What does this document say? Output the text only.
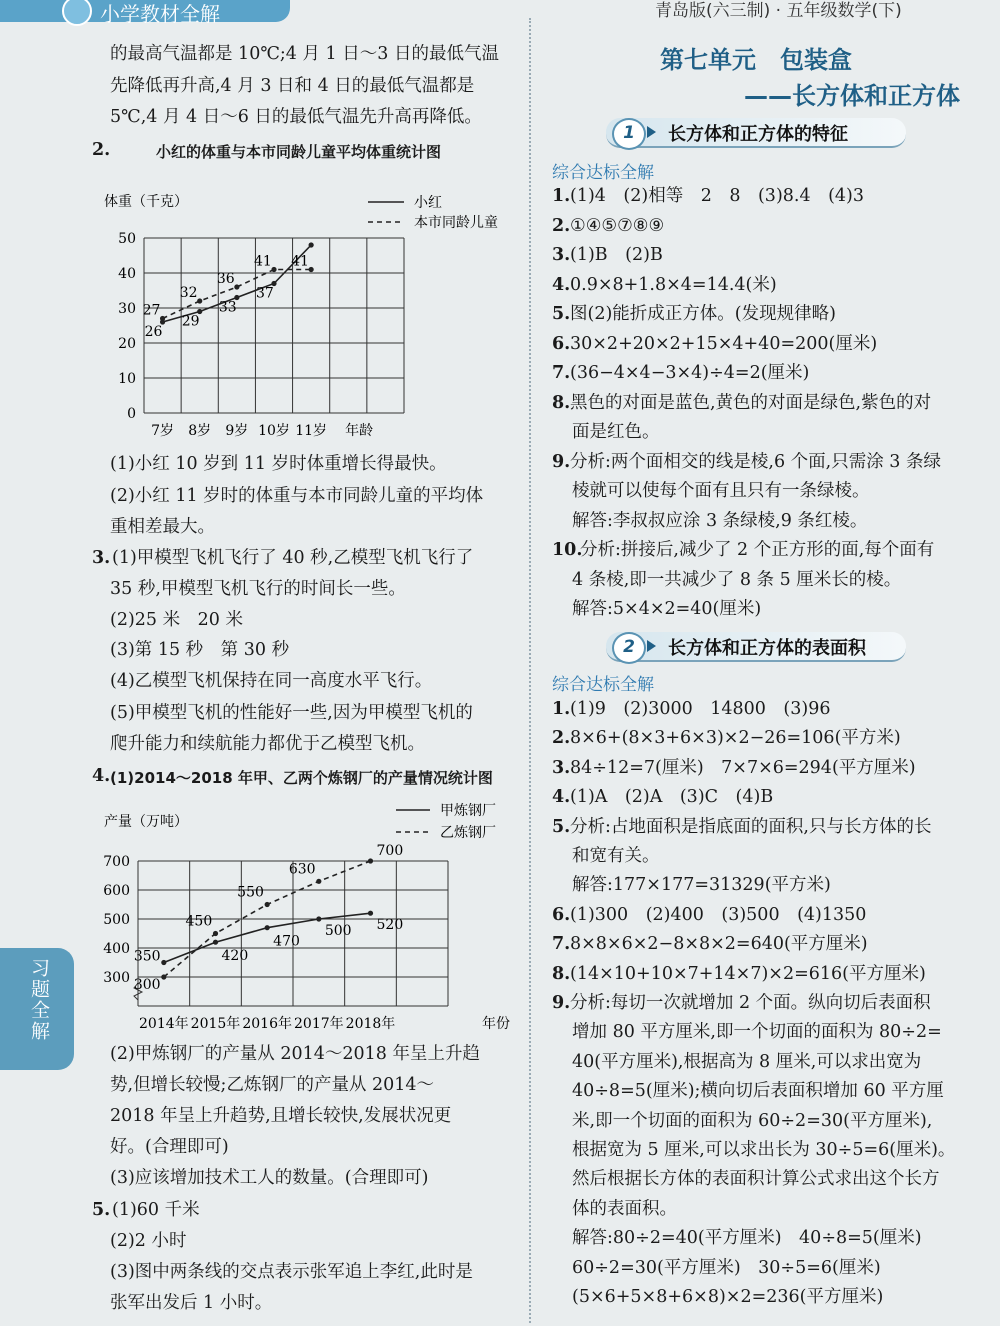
小学教材全解	青岛版(六三制) · 五年级数学(下)
习题全解
的最高气温都是 10℃;4 月 1 日～3 日的最低气温
先降低再升高,4 月 3 日和 4 日的最低气温都是
5℃,4 月 4 日～6 日的最低气温先升高再降低。
2.	小红的体重与本市同龄儿童平均体重统计图
0
10
20
30
40
50
7岁 8岁 9岁 10岁 11岁 年龄
体重（千克）	小红
本市同龄儿童
26
29
33
37
27
32
36
41 41
(1)小红 10 岁到 11 岁时体重增长得最快。
(2)小红 11 岁时的体重与本市同龄儿童的平均体
重相差最大。
3. (1)甲模型飞机飞行了 40 秒,乙模型飞机飞行了
35 秒,甲模型飞机飞行的时间长一些。
(2)25 米　20 米
(3)第 15 秒　第 30 秒
(4)乙模型飞机保持在同一高度水平飞行。
(5)甲模型飞机的性能好一些,因为甲模型飞机的
爬升能力和续航能力都优于乙模型飞机。
4. (1)2014～2018 年甲、乙两个炼钢厂的产量情况统计图
300
400
500
600
700
2014年 2015年 2016年 2017年 2018年	年份
产量（万吨）
甲炼钢厂
乙炼钢厂
350	420
470
500 520
300
450
550
630
700
(2)甲炼钢厂的产量从 2014～2018 年呈上升趋
势,但增长较慢;乙炼钢厂的产量从 2014～
2018 年呈上升趋势,且增长较快,发展状况更
好。(合理即可)
(3)应该增加技术工人的数量。(合理即可)
5. (1)60 千米
(2)2 小时
(3)图中两条线的交点表示张军追上李红,此时是
张军出发后 1 小时。
第七单元　包装盒
——长方体和正方体
1	长方体和正方体的特征
综合达标全解
1. (1)4　(2)相等　2　8　(3)8.4　(4)3
2. ①④⑤⑦⑧⑨
3. (1)B　(2)B
4. 0.9×8+1.8×4=14.4(米)
5. 图(2)能折成正方体。(发现规律略)
6. 30×2+20×2+15×4+40=200(厘米)
7. (36−4×4−3×4)÷4=2(厘米)
8. 黑色的对面是蓝色,黄色的对面是绿色,紫色的对
面是红色。
9. 分析:两个面相交的线是棱,6 个面,只需涂 3 条绿
棱就可以使每个面有且只有一条绿棱。
解答:李叔叔应涂 3 条绿棱,9 条红棱。
10.
分析:拼接后,减少了 2 个正方形的面,每个面有
4 条棱,即一共减少了 8 条 5 厘米长的棱。
解答:5×4×2=40(厘米)
2	长方体和正方体的表面积
综合达标全解
1. (1)9　(2)3000　14800　(3)96
2. 8×6+(8×3+6×3)×2−26=106(平方米)
3. 84÷12=7(厘米)　7×7×6=294(平方厘米)
4. (1)A　(2)A　(3)C　(4)B
5. 分析:占地面积是指底面的面积,只与长方体的长
和宽有关。
解答:177×177=31329(平方米)
6. (1)300　(2)400　(3)500　(4)1350
7. 8×8×6×2−8×8×2=640(平方厘米)
8. (14×10+10×7+14×7)×2=616(平方厘米)
9. 分析:每切一次就增加 2 个面。纵向切后表面积
增加 80 平方厘米,即一个切面的面积为 80÷2=
40(平方厘米),根据高为 8 厘米,可以求出宽为
40÷8=5(厘米);横向切后表面积增加 60 平方厘
米,即一个切面的面积为 60÷2=30(平方厘米),
根据宽为 5 厘米,可以求出长为 30÷5=6(厘米)。
然后根据长方体的表面积计算公式求出这个长方
体的表面积。
解答:80÷2=40(平方厘米)　40÷8=5(厘米)
60÷2=30(平方厘米)　30÷5=6(厘米)
(5×6+5×8+6×8)×2=236(平方厘米)
